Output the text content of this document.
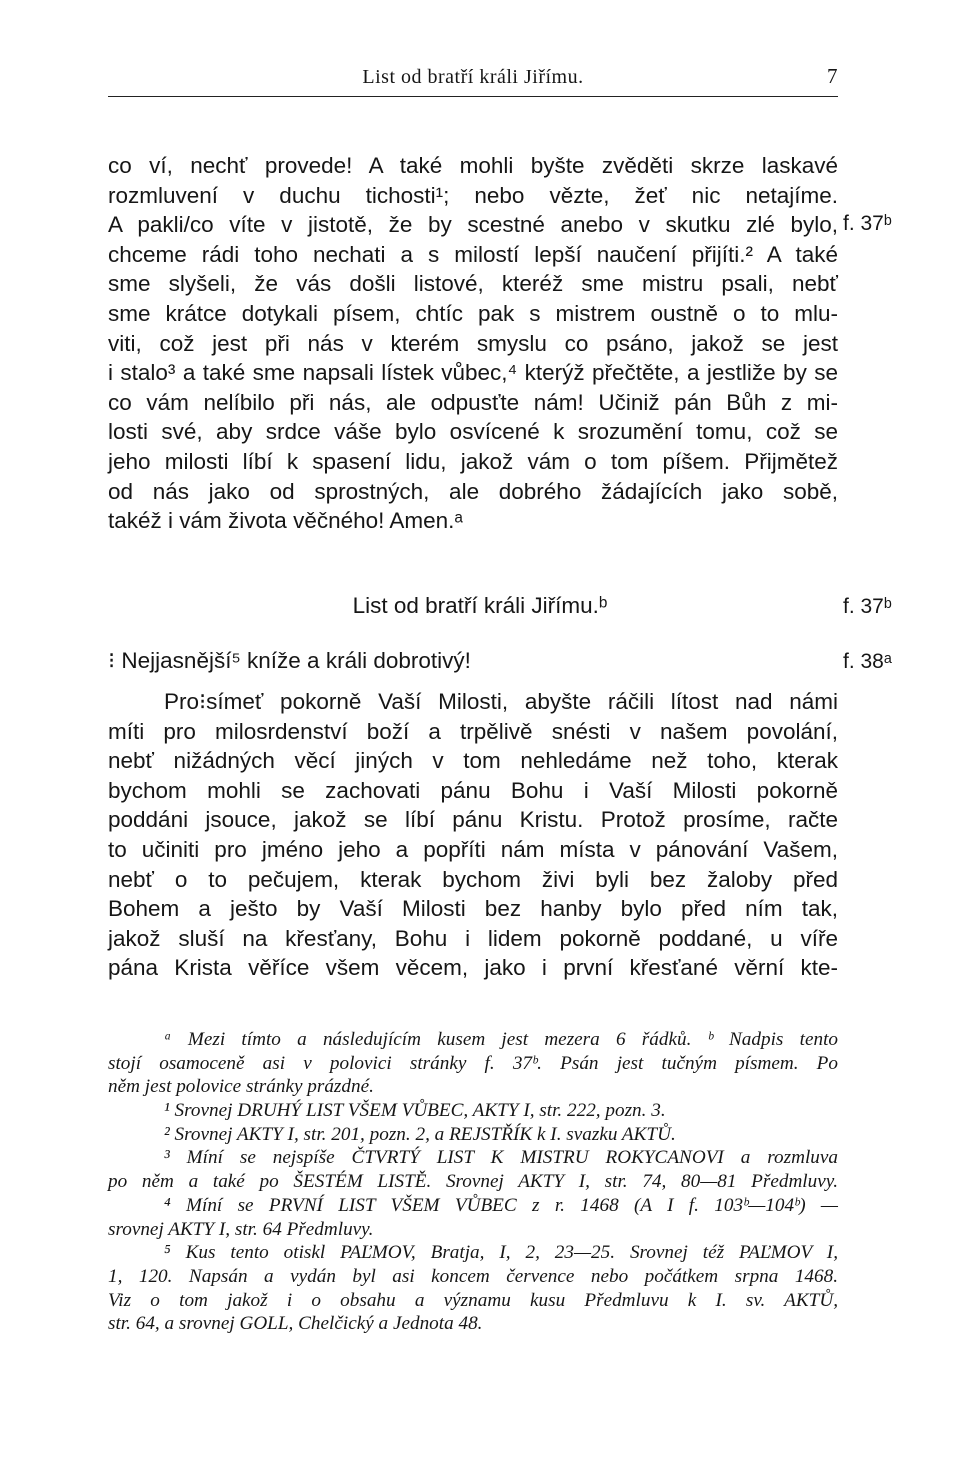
List od bratří králi Jiřímu.	7
co ví, nechť provede! A také mohli byšte zvěděti skrze laskavé
rozmluvení v duchu tichosti¹; nebo vězte, žeť nic netajíme.
A pakli/co víte v jistotě, že by scestné anebo v skutku zlé bylo,
chceme rádi toho nechati a s milostí lepší naučení přijíti.² A také
sme slyšeli, že vás došli listové, kteréž sme mistru psali, nebť
sme krátce dotykali písem, chtíc pak s mistrem oustně o to mlu-
viti, což jest při nás v kterém smyslu co psáno, jakož se jest
i stalo³ a také sme napsali lístek vůbec,⁴ kterýž přečtěte, a jestliže by se
co vám nelíbilo při nás, ale odpusťte nám! Učiniž pán Bůh z mi-
losti své, aby srdce váše bylo osvícené k srozumění tomu, což se
jeho milosti líbí k spasení lidu, jakož vám o tom píšem. Přijmětež
od nás jako od sprostných, ale dobrého žádajících jako sobě,
takéž i vám života věčného! Amen.ᵃ
f. 37ᵇ
List od bratří králi Jiřímu.ᵇ	f. 37ᵇ
⁝ Nejjasnější⁵ kníže a králi dobrotivý!	f. 38ᵃ
Pro⁝símeť pokorně Vaší Milosti, abyšte ráčili lítost nad námi
míti pro milosrdenství boží a trpělivě snésti v našem povolání,
nebť nižádných věcí jiných v tom nehledáme než toho, kterak
bychom mohli se zachovati pánu Bohu i Vaší Milosti pokorně
poddáni jsouce, jakož se líbí pánu Kristu. Protož prosíme, račte
to učiniti pro jméno jeho a popříti nám místa v pánování Vašem,
nebť o to pečujem, kterak bychom živi byli bez žaloby před
Bohem a ješto by Vaší Milosti bez hanby bylo před ním tak,
jakož sluší na křesťany, Bohu i lidem pokorně poddané, u víře
pána Krista věříce všem věcem, jako i první křesťané věrní kte-
ᵃ Mezi tímto a následujícím kusem jest mezera 6 řádků. ᵇ Nadpis tento
stojí osamoceně asi v polovici stránky f. 37ᵇ. Psán jest tučným písmem. Po
něm jest polovice stránky prázdné.
¹ Srovnej DRUHÝ LIST VŠEM VŮBEC, AKTY I, str. 222, pozn. 3.
² Srovnej AKTY I, str. 201, pozn. 2, a REJSTŘÍK k I. svazku AKTŮ.
³ Míní se nejspíše ČTVRTÝ LIST K MISTRU ROKYCANOVI a rozmluva
po něm a také po ŠESTÉM LISTĚ. Srovnej AKTY I, str. 74, 80—81 Předmluvy.
⁴ Míní se PRVNÍ LIST VŠEM VŮBEC z r. 1468 (A I f. 103ᵇ—104ᵇ) —
srovnej AKTY I, str. 64 Předmluvy.
⁵ Kus tento otiskl PAĽMOV, Bratja, I, 2, 23—25. Srovnej též PAĽMOV I,
1, 120. Napsán a vydán byl asi koncem července nebo počátkem srpna 1468.
Viz o tom jakož i o obsahu a významu kusu Předmluvu k I. sv. AKTŮ,
str. 64, a srovnej GOLL, Chelčický a Jednota 48.
